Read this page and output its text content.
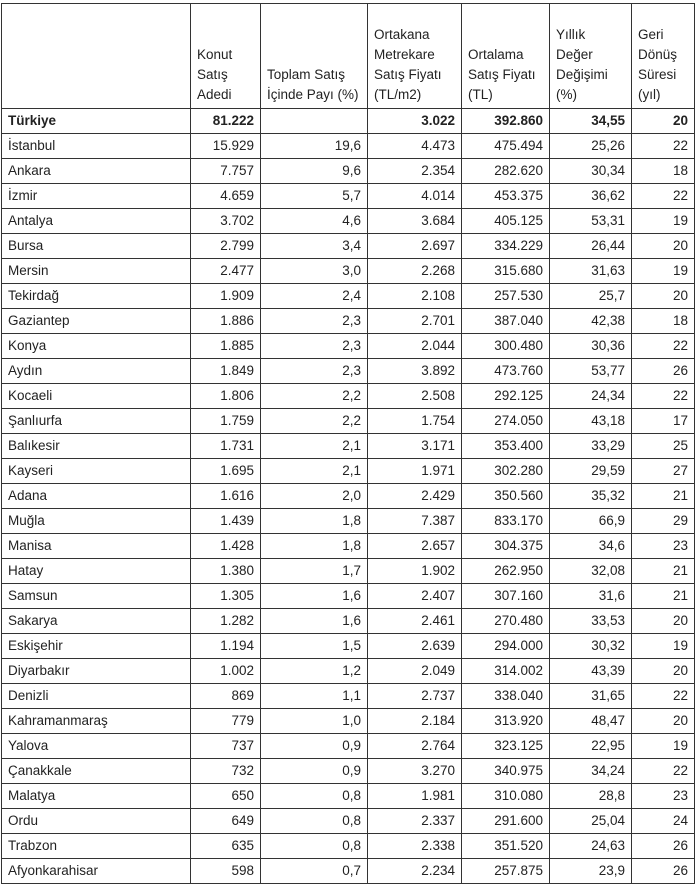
	Konut Satış Adedi	Toplam Satış İçinde Payı (%)	Ortakana Metrekare Satış Fiyatı (TL/m2)	Ortalama Satış Fiyatı (TL)	Yıllık Değer Değişimi (%)	Geri Dönüş Süresi (yıl)
Türkiye	81.222		3.022	392.860	34,55	20
İstanbul	15.929	19,6	4.473	475.494	25,26	22
Ankara	7.757	9,6	2.354	282.620	30,34	18
İzmir	4.659	5,7	4.014	453.375	36,62	22
Antalya	3.702	4,6	3.684	405.125	53,31	19
Bursa	2.799	3,4	2.697	334.229	26,44	20
Mersin	2.477	3,0	2.268	315.680	31,63	19
Tekirdağ	1.909	2,4	2.108	257.530	25,7	20
Gaziantep	1.886	2,3	2.701	387.040	42,38	18
Konya	1.885	2,3	2.044	300.480	30,36	22
Aydın	1.849	2,3	3.892	473.760	53,77	26
Kocaeli	1.806	2,2	2.508	292.125	24,34	22
Şanlıurfa	1.759	2,2	1.754	274.050	43,18	17
Balıkesir	1.731	2,1	3.171	353.400	33,29	25
Kayseri	1.695	2,1	1.971	302.280	29,59	27
Adana	1.616	2,0	2.429	350.560	35,32	21
Muğla	1.439	1,8	7.387	833.170	66,9	29
Manisa	1.428	1,8	2.657	304.375	34,6	23
Hatay	1.380	1,7	1.902	262.950	32,08	21
Samsun	1.305	1,6	2.407	307.160	31,6	21
Sakarya	1.282	1,6	2.461	270.480	33,53	20
Eskişehir	1.194	1,5	2.639	294.000	30,32	19
Diyarbakır	1.002	1,2	2.049	314.002	43,39	20
Denizli	869	1,1	2.737	338.040	31,65	22
Kahramanmaraş	779	1,0	2.184	313.920	48,47	20
Yalova	737	0,9	2.764	323.125	22,95	19
Çanakkale	732	0,9	3.270	340.975	34,24	22
Malatya	650	0,8	1.981	310.080	28,8	23
Ordu	649	0,8	2.337	291.600	25,04	24
Trabzon	635	0,8	2.338	351.520	24,63	26
Afyonkarahisar	598	0,7	2.234	257.875	23,9	26
